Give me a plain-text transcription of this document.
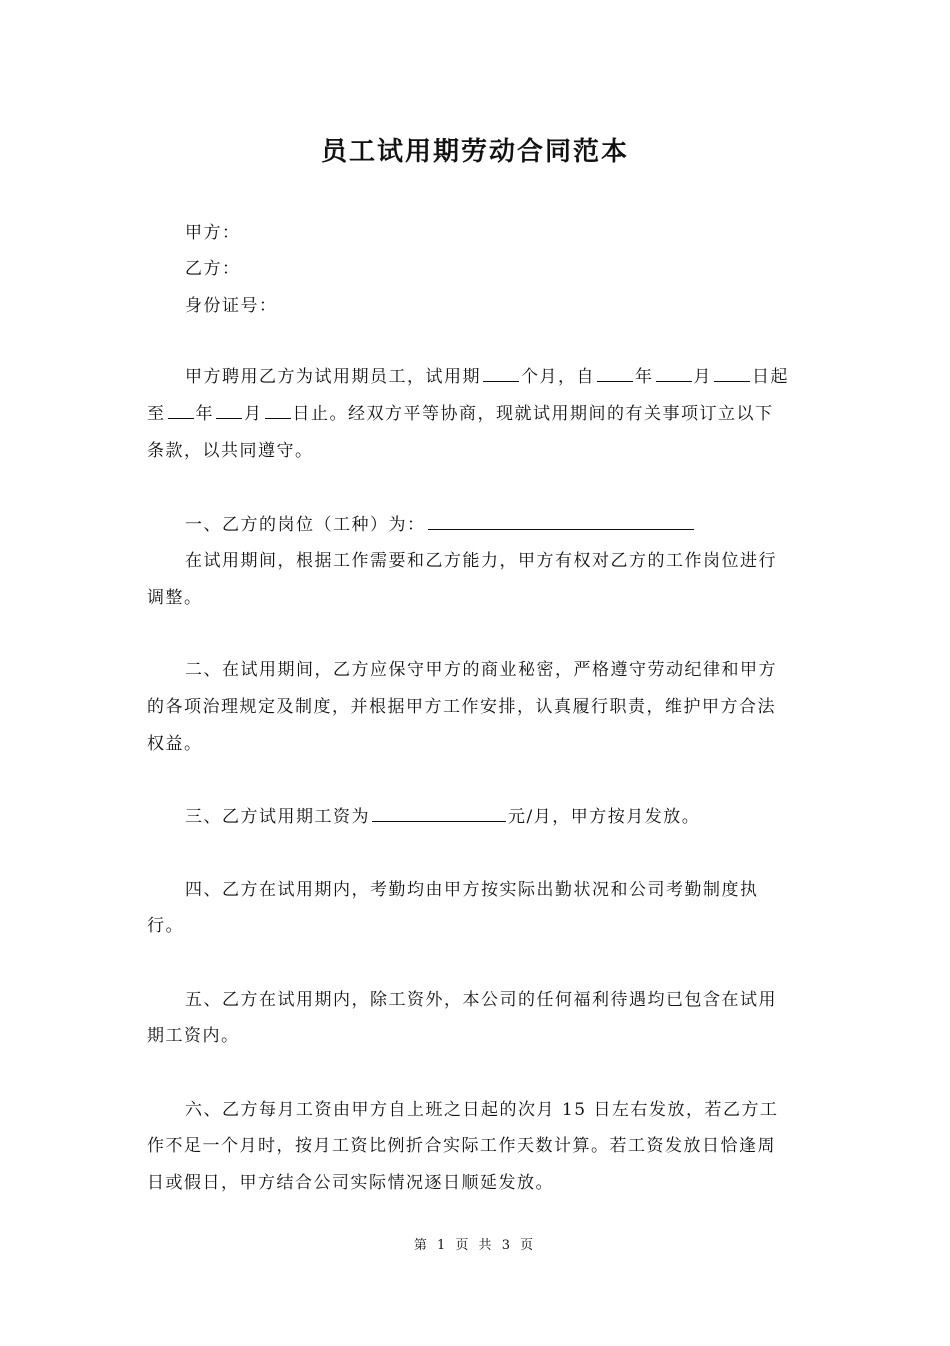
员工试用期劳动合同范本
甲方：
乙方：
身份证号：
甲方聘用乙方为试用期员工，试用期 个月，自 年 月 日起
至 年 月 日止。经双方平等协商，现就试用期间的有关事项订立以下
条款，以共同遵守。
一、乙方的岗位（工种）为：
在试用期间，根据工作需要和乙方能力，甲方有权对乙方的工作岗位进行
调整。
二、在试用期间，乙方应保守甲方的商业秘密，严格遵守劳动纪律和甲方
的各项治理规定及制度，并根据甲方工作安排，认真履行职责，维护甲方合法
权益。
三、乙方试用期工资为	元/月，甲方按月发放。
四、乙方在试用期内，考勤均由甲方按实际出勤状况和公司考勤制度执
行。
五、乙方在试用期内，除工资外，本公司的任何福利待遇均已包含在试用
期工资内。
六、乙方每月工资由甲方自上班之日起的次月 15 日左右发放，若乙方工
作不足一个月时，按月工资比例折合实际工作天数计算。若工资发放日恰逢周
日或假日，甲方结合公司实际情况逐日顺延发放。
第 1 页 共 3 页
